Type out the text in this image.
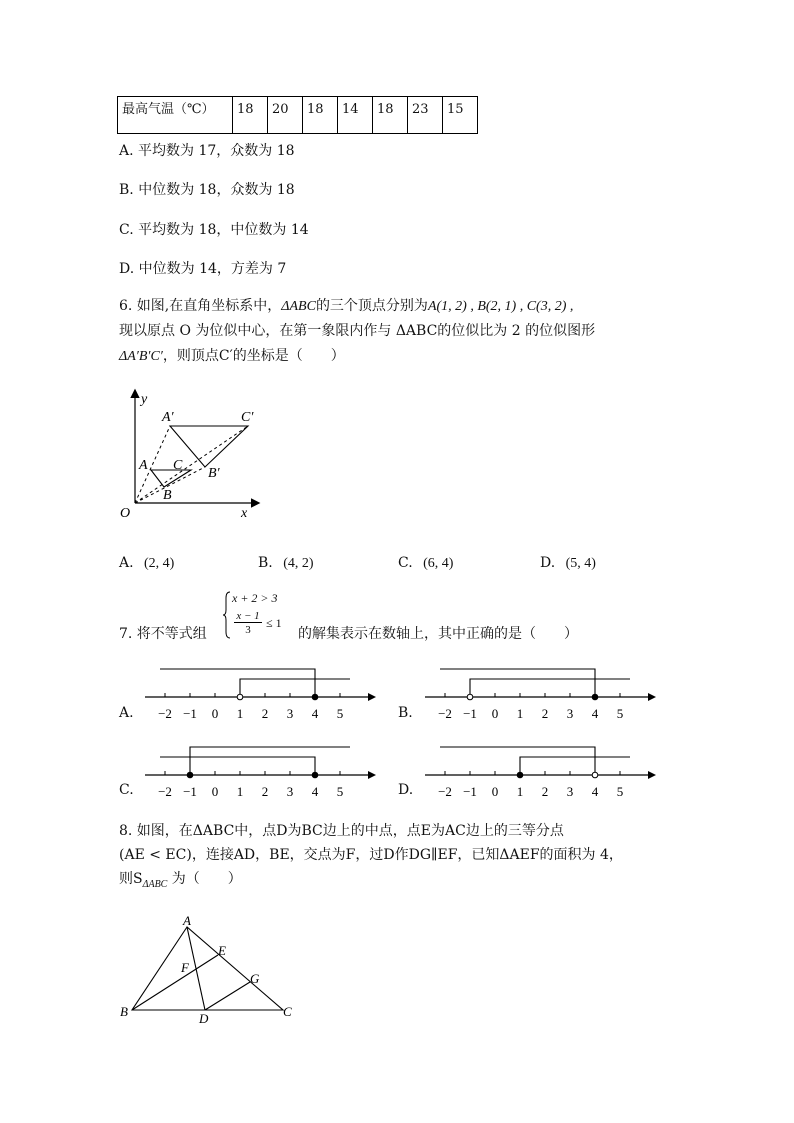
最高气温（℃）	18	20	18	14	18	23	15
A. 平均数为 17，众数为 18
B. 中位数为 18，众数为 18
C. 平均数为 18，中位数为 14
D. 中位数为 14，方差为 7
6. 如图,在直角坐标系中，ΔABC的三个顶点分别为A(1, 2) , B(2, 1) , C(3, 2) ,
现以原点 O 为位似中心，在第一象限内作与 ΔABC的位似比为 2 的位似图形
ΔA′B′C′，则顶点C′的坐标是（　　）
y
x
O
A
B
C
A′
B′
C′
A. (2, 4)	B. (4, 2)	C. (6, 4)	D. (5, 4)
7. 将不等式组
x + 2 > 3
x − 1
3	≤ 1
的解集表示在数轴上，其中正确的是（　　）
A.	B.
C.	D.
−2 −1 0 1 2 3 4 5	−2 −1 0 1 2 3 4 5
−2 −1 0 1 2 3 4 5	−2 −1 0 1 2 3 4 5
8. 如图，在ΔABC中，点D为BC边上的中点，点E为AC边上的三等分点
(AE < EC)，连接AD，BE，交点为F，过D作DG∥EF，已知ΔAEF的面积为 4，
则$S_{\Delta ABC}$ 为（　　）
A
B	C
D
E
F
G
